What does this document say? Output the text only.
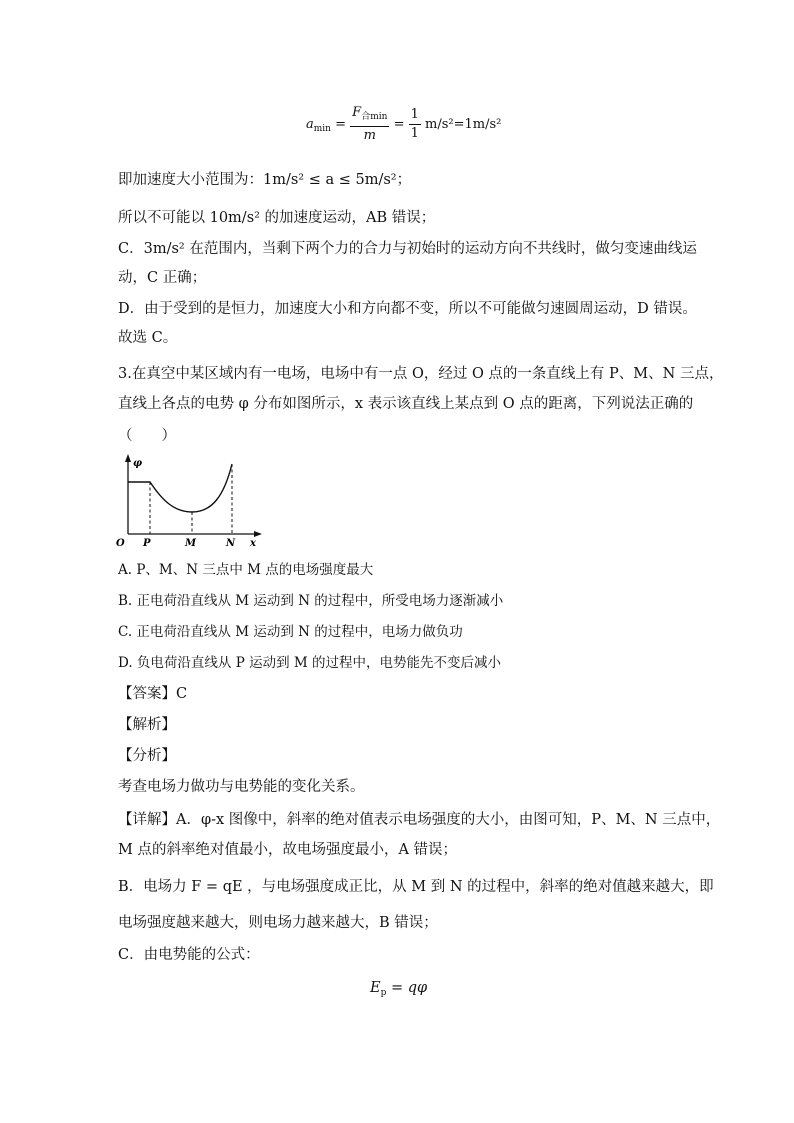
$a_{min} = \frac{F_{合min}}{m} = \frac{1}{1} m/s^2=1m/s^2$
即加速度大小范围为：1m/s² ≤ a ≤ 5m/s²；
所以不可能以 10m/s² 的加速度运动，AB 错误；
C．3m/s² 在范围内，当剩下两个力的合力与初始时的运动方向不共线时，做匀变速曲线运
动，C 正确；
D．由于受到的是恒力，加速度大小和方向都不变，所以不可能做匀速圆周运动，D 错误。
故选 C。
3.在真空中某区域内有一电场，电场中有一点 O，经过 O 点的一条直线上有 P、M、N 三点，
直线上各点的电势 φ 分布如图所示，x 表示该直线上某点到 O 点的距离，下列说法正确的
（　　）
φ
O P	M	N x
A. P、M、N 三点中 M 点的电场强度最大
B. 正电荷沿直线从 M 运动到 N 的过程中，所受电场力逐渐减小
C. 正电荷沿直线从 M 运动到 N 的过程中，电场力做负功
D. 负电荷沿直线从 P 运动到 M 的过程中，电势能先不变后减小
【答案】C
【解析】
【分析】
考查电场力做功与电势能的变化关系。
【详解】A．φ-x 图像中，斜率的绝对值表示电场强度的大小，由图可知，P、M、N 三点中，
M 点的斜率绝对值最小，故电场强度最小，A 错误；
B．电场力 F = qE ，与电场强度成正比，从 M 到 N 的过程中，斜率的绝对值越来越大，即
电场强度越来越大，则电场力越来越大，B 错误；
C．由电势能的公式：
$E_p = q\varphi$
